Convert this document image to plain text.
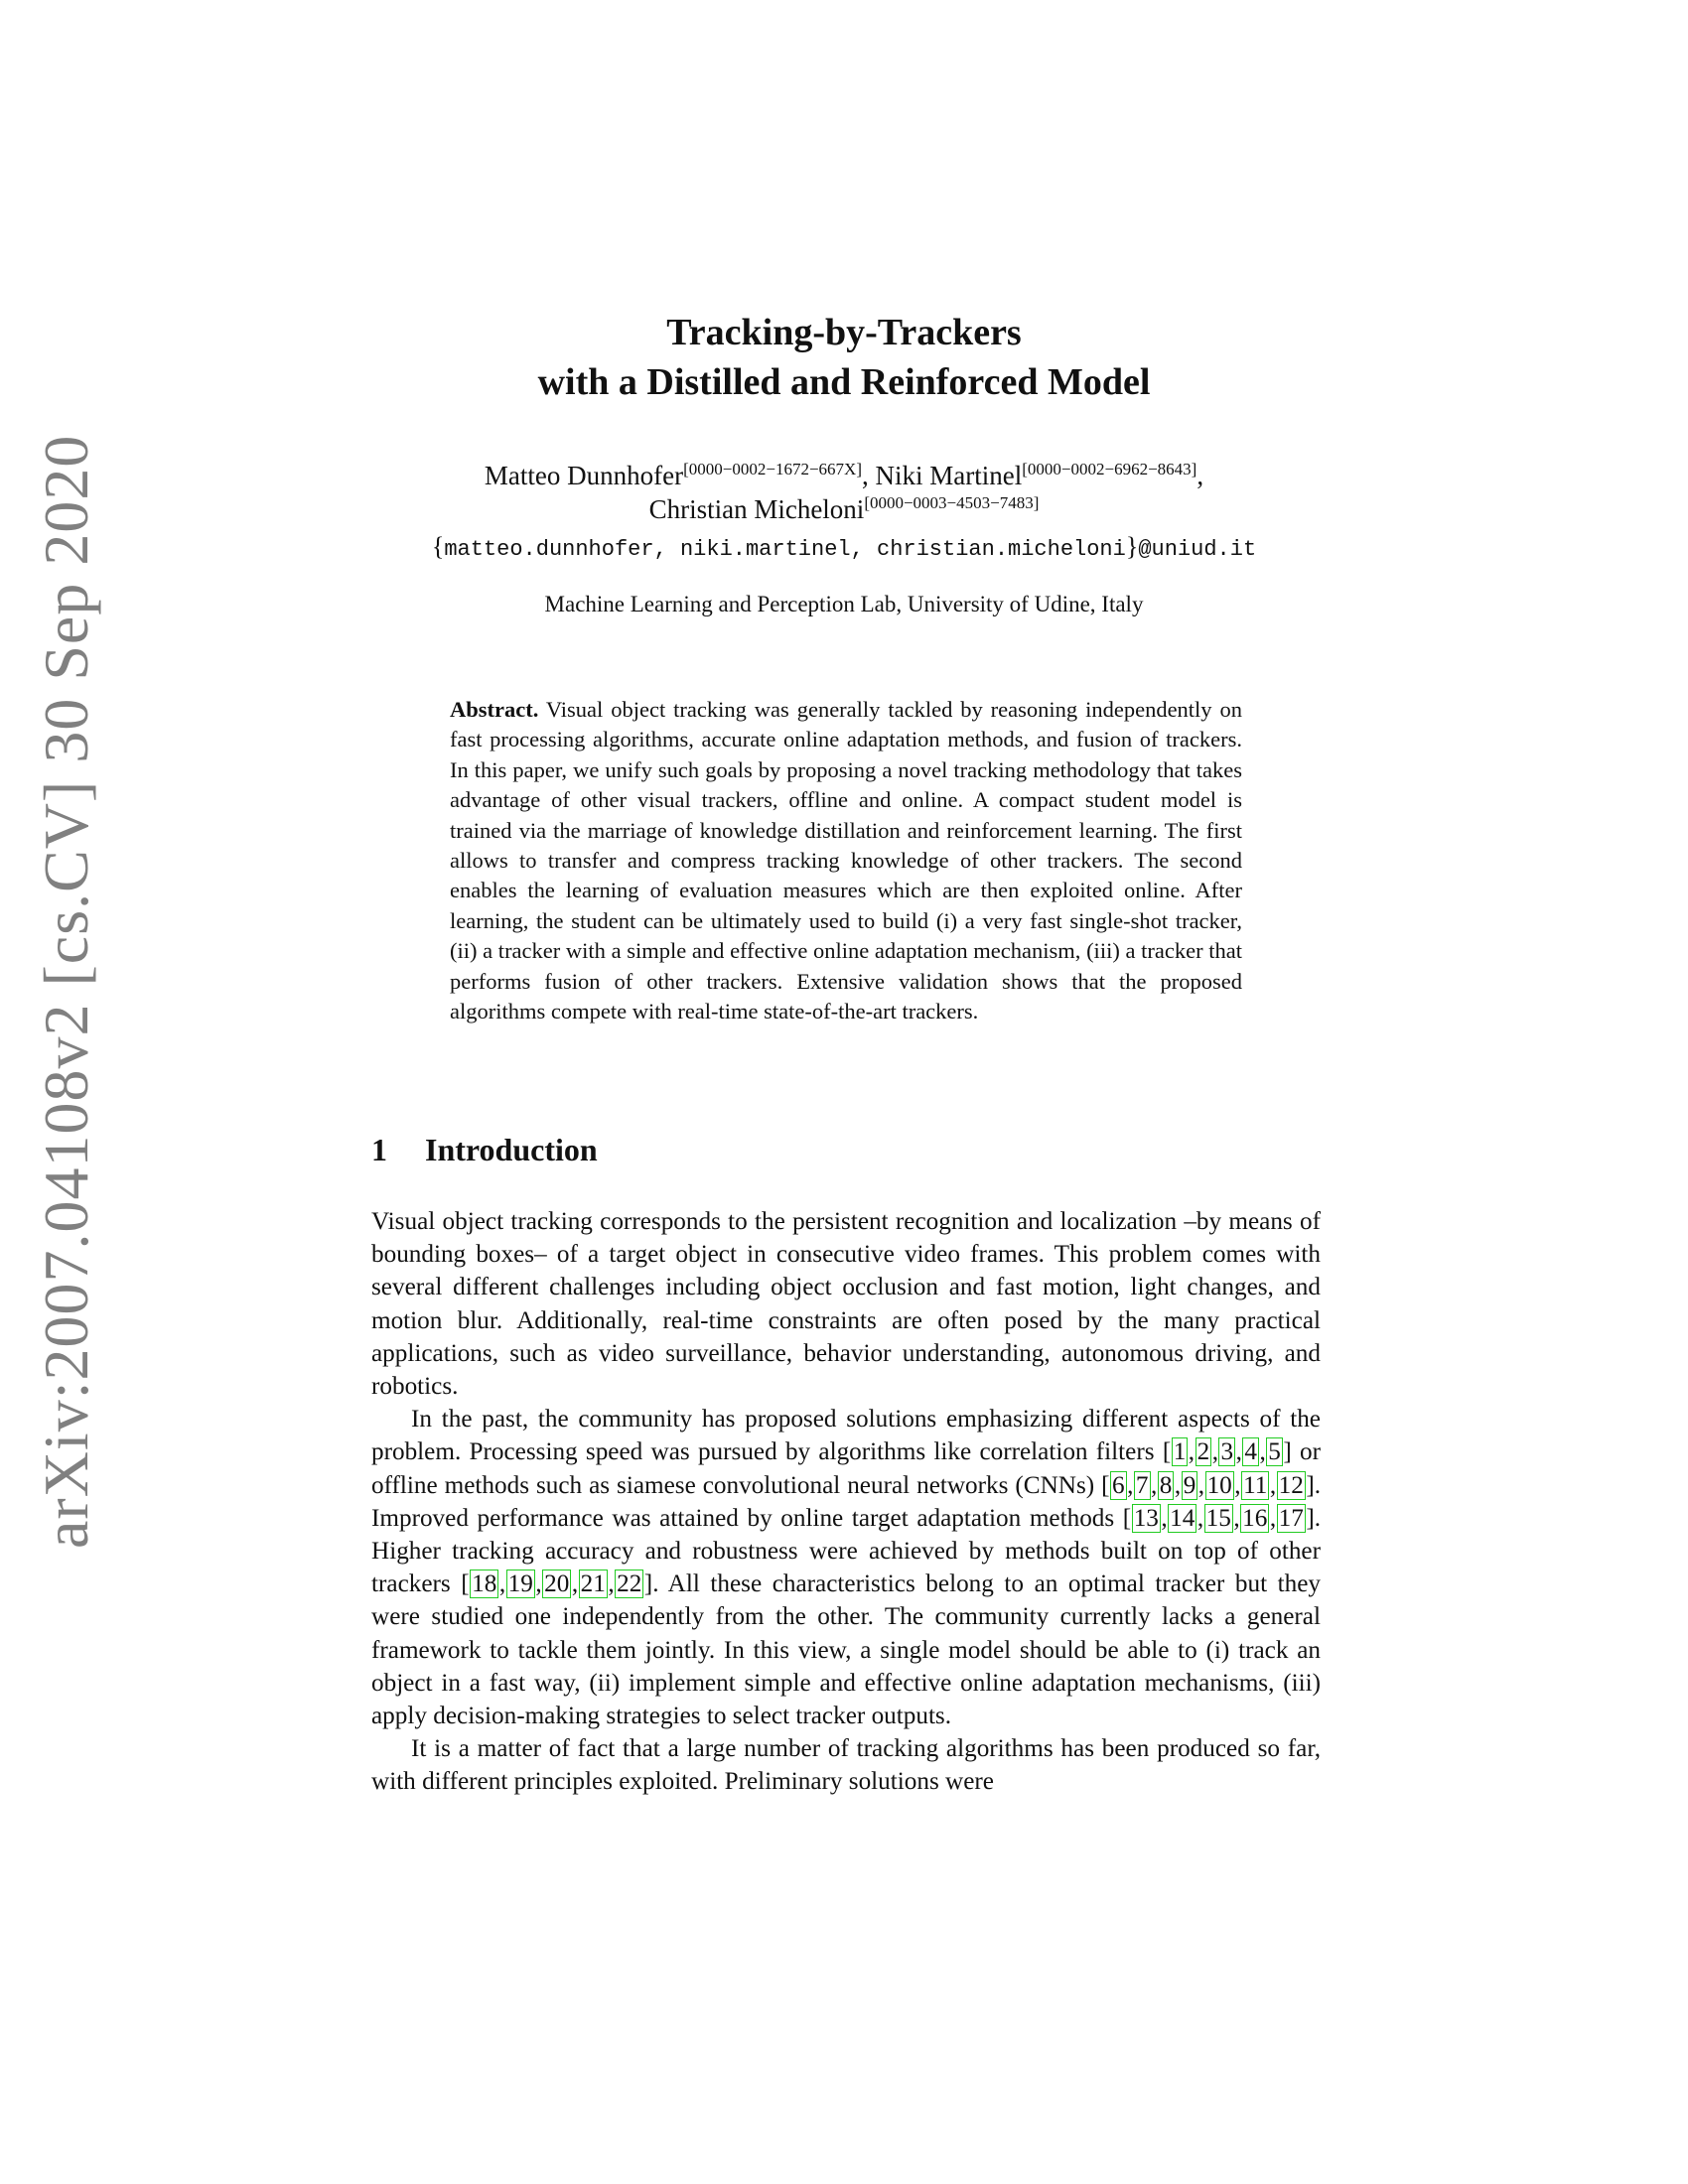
arXiv:2007.04108v2 [cs.CV] 30 Sep 2020
Tracking-by-Trackers
with a Distilled and Reinforced Model
Matteo Dunnhofer[0000−0002−1672−667X], Niki Martinel[0000−0002−6962−8643],
Christian Micheloni[0000−0003−4503−7483]
{matteo.dunnhofer, niki.martinel, christian.micheloni}@uniud.it
Machine Learning and Perception Lab, University of Udine, Italy
Abstract. Visual object tracking was generally tackled by reasoning independently on fast processing algorithms, accurate online adaptation methods, and fusion of trackers. In this paper, we unify such goals by proposing a novel tracking methodology that takes advantage of other visual trackers, offline and online. A compact student model is trained via the marriage of knowledge distillation and reinforcement learning. The first allows to transfer and compress tracking knowledge of other trackers. The second enables the learning of evaluation measures which are then exploited online. After learning, the student can be ultimately used to build (i) a very fast single-shot tracker, (ii) a tracker with a simple and effective online adaptation mechanism, (iii) a tracker that performs fusion of other trackers. Extensive validation shows that the proposed algorithms compete with real-time state-of-the-art trackers.
1 Introduction

Visual object tracking corresponds to the persistent recognition and localization –by means of bounding boxes– of a target object in consecutive video frames. This problem comes with several different challenges including object occlusion and fast motion, light changes, and motion blur. Additionally, real-time constraints are often posed by the many practical applications, such as video surveillance, behavior understanding, autonomous driving, and robotics.

In the past, the community has proposed solutions emphasizing different aspects of the problem. Processing speed was pursued by algorithms like correlation filters [1,2,3,4,5] or offline methods such as siamese convolutional neural networks (CNNs) [6,7,8,9,10,11,12]. Improved performance was attained by online target adaptation methods [13,14,15,16,17]. Higher tracking accuracy and robustness were achieved by methods built on top of other trackers [18,19,20,21,22]. All these characteristics belong to an optimal tracker but they were studied one independently from the other. The community currently lacks a general framework to tackle them jointly. In this view, a single model should be able to (i) track an object in a fast way, (ii) implement simple and effective online adaptation mechanisms, (iii) apply decision-making strategies to select tracker outputs.

It is a matter of fact that a large number of tracking algorithms has been produced so far, with different principles exploited. Preliminary solutions were
